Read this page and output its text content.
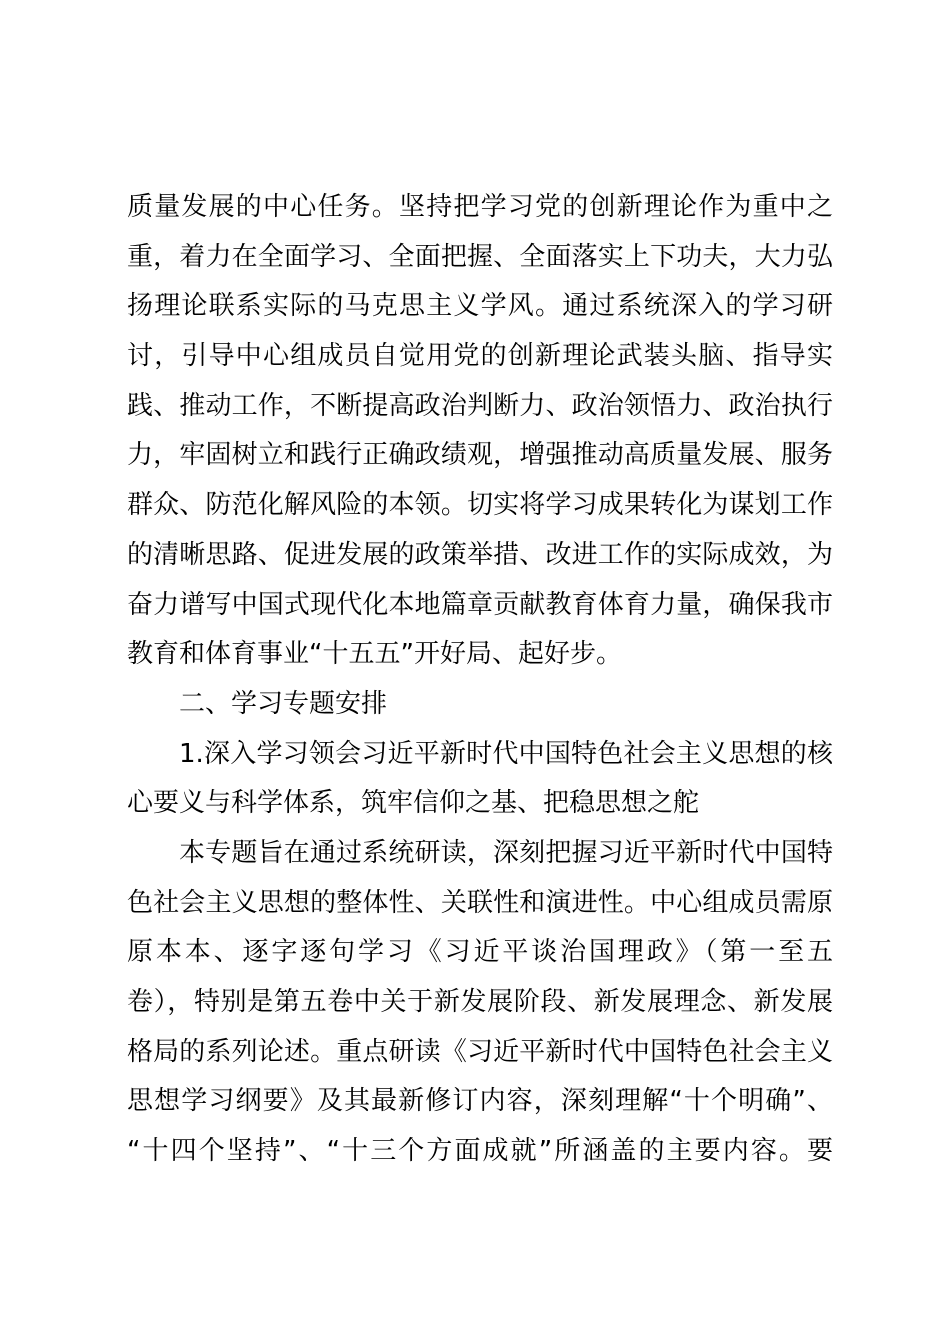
质量发展的中心任务。坚持把学习党的创新理论作为重中之
重，着力在全面学习、全面把握、全面落实上下功夫，大力弘
扬理论联系实际的马克思主义学风。通过系统深入的学习研
讨，引导中心组成员自觉用党的创新理论武装头脑、指导实
践、推动工作，不断提高政治判断力、政治领悟力、政治执行
力，牢固树立和践行正确政绩观，增强推动高质量发展、服务
群众、防范化解风险的本领。切实将学习成果转化为谋划工作
的清晰思路、促进发展的政策举措、改进工作的实际成效，为
奋力谱写中国式现代化本地篇章贡献教育体育力量，确保我市
教育和体育事业“十五五”开好局、起好步。
二、学习专题安排
1.深入学习领会习近平新时代中国特色社会主义思想的核
心要义与科学体系，筑牢信仰之基、把稳思想之舵
本专题旨在通过系统研读，深刻把握习近平新时代中国特
色社会主义思想的整体性、关联性和演进性。中心组成员需原
原本本、逐字逐句学习《习近平谈治国理政》（第一至五
卷），特别是第五卷中关于新发展阶段、新发展理念、新发展
格局的系列论述。重点研读《习近平新时代中国特色社会主义
思想学习纲要》及其最新修订内容，深刻理解“十个明确”、
“十四个坚持”、“十三个方面成就”所涵盖的主要内容。要
